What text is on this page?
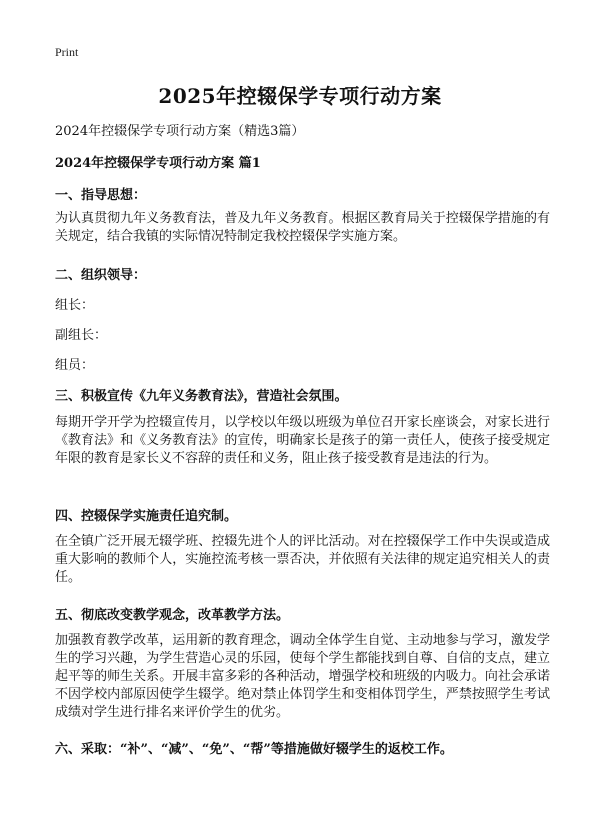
Print
2025年控辍保学专项行动方案
2024年控辍保学专项行动方案（精选3篇）
2024年控辍保学专项行动方案 篇1
一、指导思想：
为认真贯彻九年义务教育法，普及九年义务教育。根据区教育局关于控辍保学措施的有关规定，结合我镇的实际情况特制定我校控辍保学实施方案。
二、组织领导：
组长：
副组长：
组员：
三、积极宣传《九年义务教育法》，营造社会氛围。
每期开学开学为控辍宣传月，以学校以年级以班级为单位召开家长座谈会，对家长进行《教育法》和《义务教育法》的宣传，明确家长是孩子的第一责任人，使孩子接受规定年限的教育是家长义不容辞的责任和义务，阻止孩子接受教育是违法的行为。
四、控辍保学实施责任追究制。
在全镇广泛开展无辍学班、控辍先进个人的评比活动。对在控辍保学工作中失误或造成重大影响的教师个人，实施控流考核一票否决，并依照有关法律的规定追究相关人的责任。
五、彻底改变教学观念，改革教学方法。
加强教育教学改革，运用新的教育理念，调动全体学生自觉、主动地参与学习，激发学生的学习兴趣，为学生营造心灵的乐园，使每个学生都能找到自尊、自信的支点，建立起平等的师生关系。开展丰富多彩的各种活动，增强学校和班级的内吸力。向社会承诺不因学校内部原因使学生辍学。绝对禁止体罚学生和变相体罚学生，严禁按照学生考试成绩对学生进行排名来评价学生的优劣。
六、采取：“补”、“减”、“免”、“帮”等措施做好辍学生的返校工作。
